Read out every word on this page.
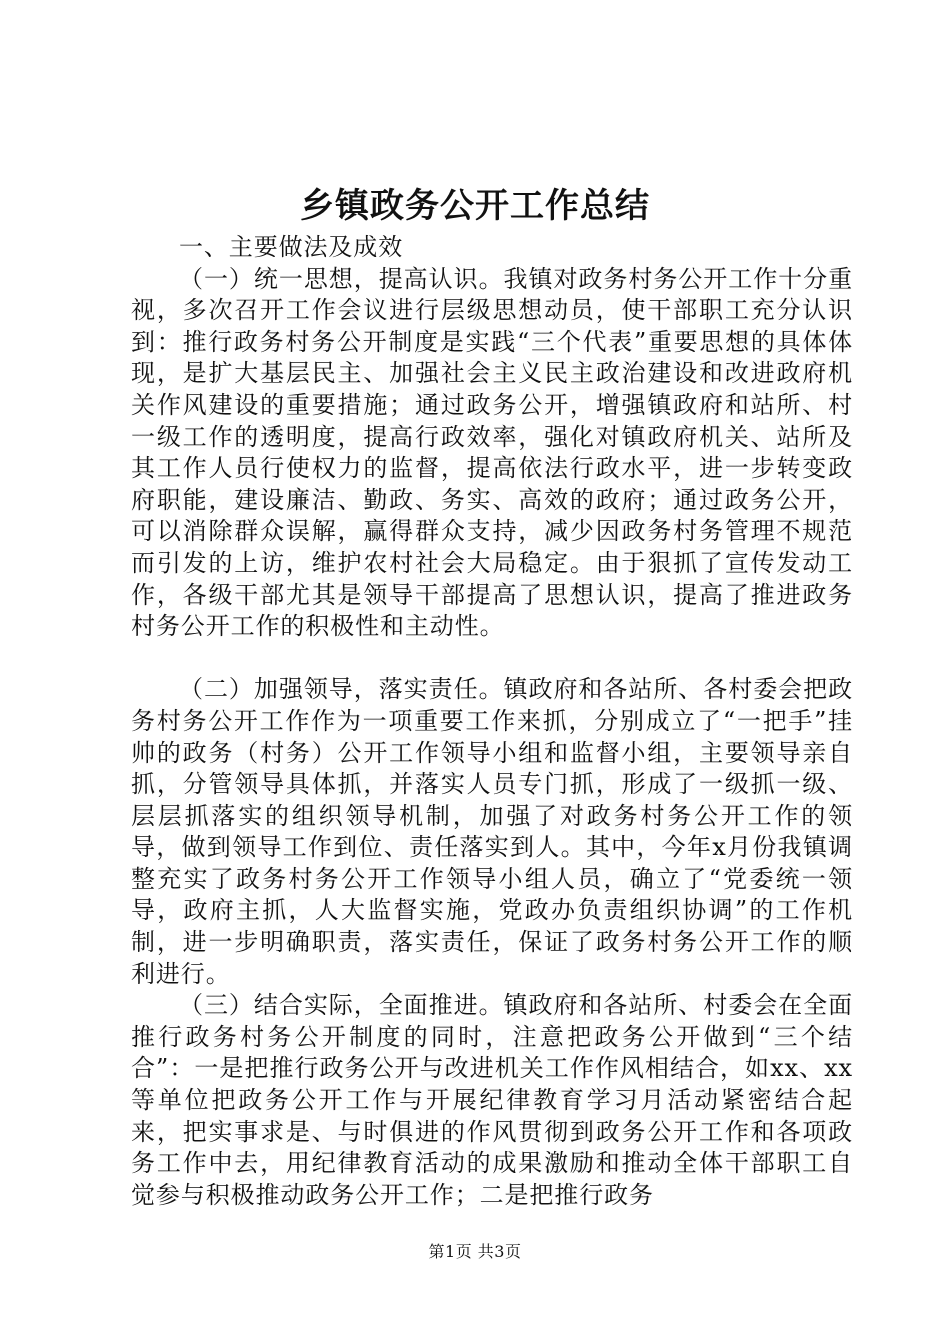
乡镇政务公开工作总结

一、主要做法及成效

（一）统一思想，提高认识。我镇对政务村务公开工作十分重视，多次召开工作会议进行层级思想动员，使干部职工充分认识到：推行政务村务公开制度是实践“三个代表”重要思想的具体体现，是扩大基层民主、加强社会主义民主政治建设和改进政府机关作风建设的重要措施；通过政务公开，增强镇政府和站所、村一级工作的透明度，提高行政效率，强化对镇政府机关、站所及其工作人员行使权力的监督，提高依法行政水平，进一步转变政府职能，建设廉洁、勤政、务实、高效的政府；通过政务公开，可以消除群众误解，赢得群众支持，减少因政务村务管理不规范而引发的上访，维护农村社会大局稳定。由于狠抓了宣传发动工作，各级干部尤其是领导干部提高了思想认识，提高了推进政务村务公开工作的积极性和主动性。

（二）加强领导，落实责任。镇政府和各站所、各村委会把政务村务公开工作作为一项重要工作来抓，分别成立了“一把手”挂帅的政务（村务）公开工作领导小组和监督小组，主要领导亲自抓，分管领导具体抓，并落实人员专门抓，形成了一级抓一级、层层抓落实的组织领导机制，加强了对政务村务公开工作的领导，做到领导工作到位、责任落实到人。其中，今年x月份我镇调整充实了政务村务公开工作领导小组人员，确立了“党委统一领导，政府主抓，人大监督实施，党政办负责组织协调”的工作机制，进一步明确职责，落实责任，保证了政务村务公开工作的顺利进行。

（三）结合实际，全面推进。镇政府和各站所、村委会在全面推行政务村务公开制度的同时，注意把政务公开做到“三个结合”：一是把推行政务公开与改进机关工作作风相结合，如xx、xx等单位把政务公开工作与开展纪律教育学习月活动紧密结合起来，把实事求是、与时俱进的作风贯彻到政务公开工作和各项政务工作中去，用纪律教育活动的成果激励和推动全体干部职工自觉参与积极推动政务公开工作；二是把推行政务

第1页 共3页
